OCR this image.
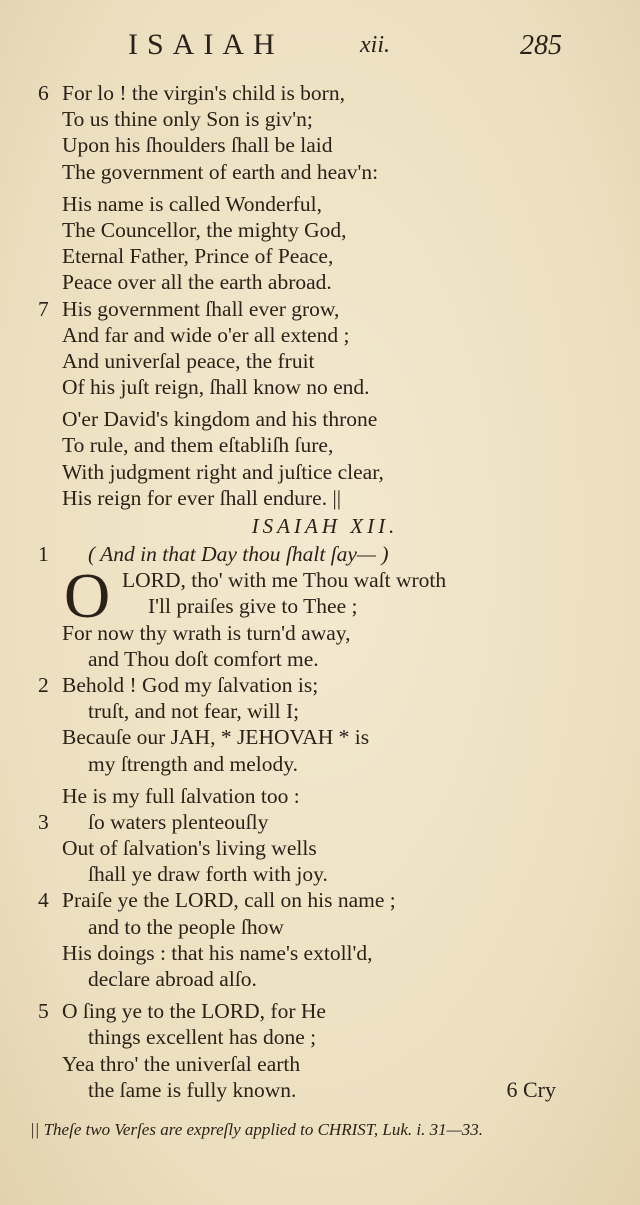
ISAIAH	xii.	285
6 For lo ! the virgin's child is born,
To us thine only Son is giv'n;
Upon his ſhoulders ſhall be laid
The government of earth and heav'n:
His name is called Wonderful,
The Councellor, the mighty God,
Eternal Father, Prince of Peace,
Peace over all the earth abroad.
7 His government ſhall ever grow,
And far and wide o'er all extend ;
And univerſal peace, the fruit
Of his juſt reign, ſhall know no end.
O'er David's kingdom and his throne
To rule, and them eſtabliſh ſure,
With judgment right and juſtice clear,
His reign for ever ſhall endure. ||
ISAIAH XII.
1 ( And in that Day thou ſhalt ſay— )
O LORD, tho' with me Thou waſt wroth
I'll praiſes give to Thee ;
For now thy wrath is turn'd away,
and Thou doſt comfort me.
2 Behold ! God my ſalvation is;
truſt, and not fear, will I;
Becauſe our JAH, * JEHOVAH * is
my ſtrength and melody.
He is my full ſalvation too :
3 ſo waters plenteouſly
Out of ſalvation's living wells
ſhall ye draw forth with joy.
4 Praiſe ye the LORD, call on his name ;
and to the people ſhow
His doings : that his name's extoll'd,
declare abroad alſo.
5 O ſing ye to the LORD, for He
things excellent has done ;
Yea thro' the univerſal earth
the ſame is fully known.	6 Cry
|| Theſe two Verſes are expreſly applied to CHRIST, Luk. i. 31—33.
